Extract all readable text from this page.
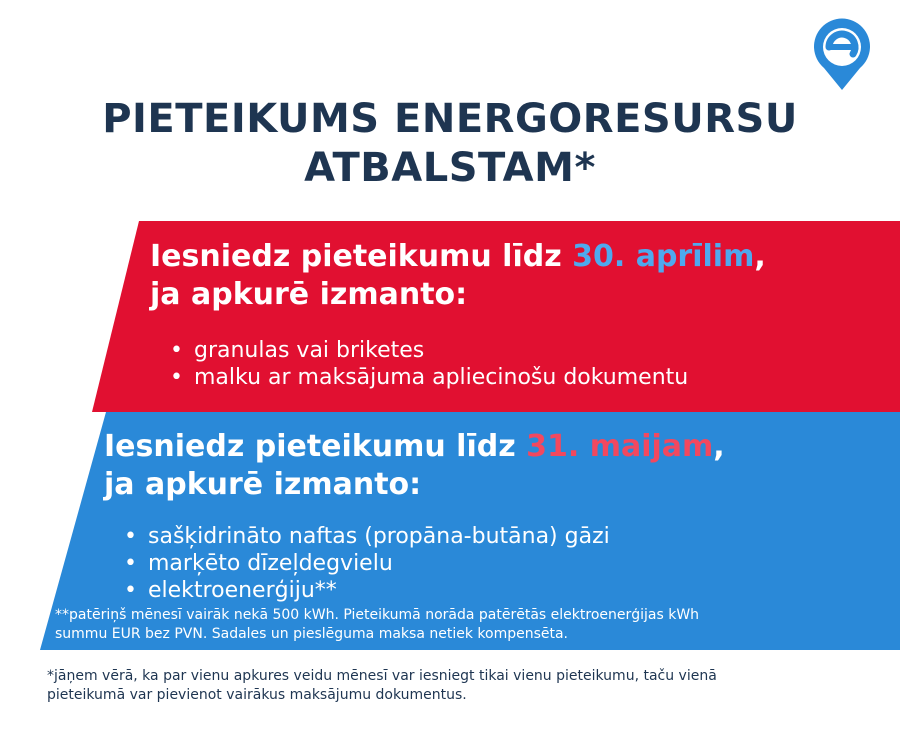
PIETEIKUMS ENERGORESURSU
ATBALSTAM*
Iesniedz pieteikumu līdz 30. aprīlim,
ja apkurē izmanto:
• granulas vai briketes
• malku ar maksājuma apliecinošu dokumentu
Iesniedz pieteikumu līdz 31. maijam,
ja apkurē izmanto:
• sašķidrināto naftas (propāna-butāna) gāzi
• marķēto dīzeļdegvielu
• elektroenerģiju**
**patēriņš mēnesī vairāk nekā 500 kWh. Pieteikumā norāda patērētās elektroenerģijas kWh
summu EUR bez PVN. Sadales un pieslēguma maksa netiek kompensēta.
*jāņem vērā, ka par vienu apkures veidu mēnesī var iesniegt tikai vienu pieteikumu, taču vienā
pieteikumā var pievienot vairākus maksājumu dokumentus.
